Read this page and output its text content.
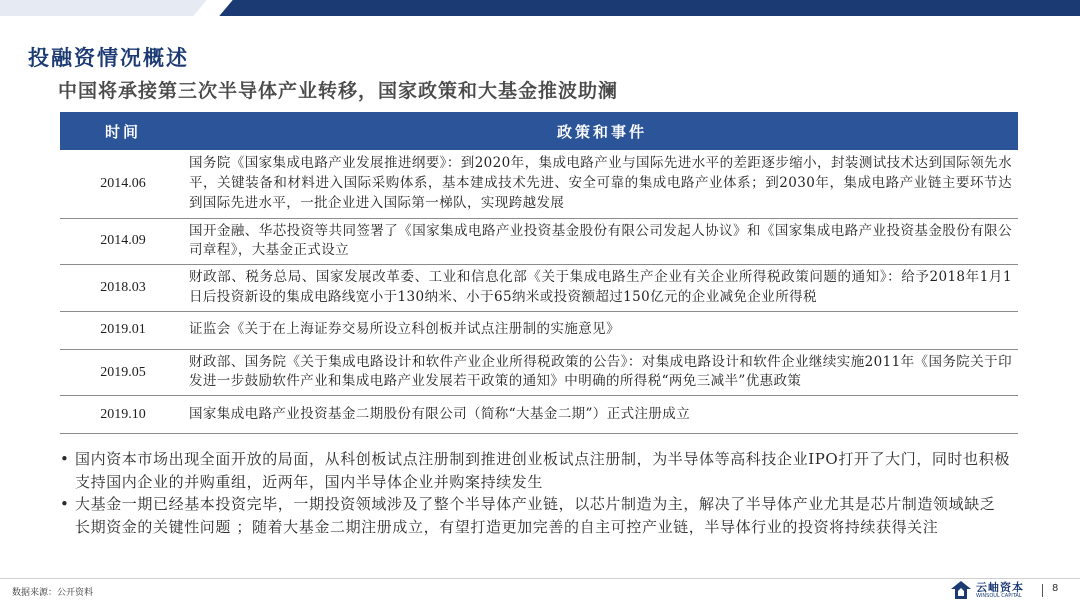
投融资情况概述
中国将承接第三次半导体产业转移，国家政策和大基金推波助澜
时间	政策和事件
2014.06	国务院《国家集成电路产业发展推进纲要》：到2020年，集成电路产业与国际先进水平的差距逐步缩小，封装测试技术达到国际领先水平，关键装备和材料进入国际采购体系，基本建成技术先进、安全可靠的集成电路产业体系；到2030年，集成电路产业链主要环节达到国际先进水平，一批企业进入国际第一梯队，实现跨越发展
2014.09	国开金融、华芯投资等共同签署了《国家集成电路产业投资基金股份有限公司发起人协议》和《国家集成电路产业投资基金股份有限公司章程》，大基金正式设立
2018.03	财政部、税务总局、国家发展改革委、工业和信息化部《关于集成电路生产企业有关企业所得税政策问题的通知》：给予2018年1月1日后投资新设的集成电路线宽小于130纳米、小于65纳米或投资额超过150亿元的企业减免企业所得税
2019.01	证监会《关于在上海证券交易所设立科创板并试点注册制的实施意见》
2019.05	财政部、国务院《关于集成电路设计和软件产业企业所得税政策的公告》：对集成电路设计和软件企业继续实施2011年《国务院关于印发进一步鼓励软件产业和集成电路产业发展若干政策的通知》中明确的所得税“两免三减半”优惠政策
2019.10	国家集成电路产业投资基金二期股份有限公司（简称“大基金二期”）正式注册成立
• 国内资本市场出现全面开放的局面，从科创板试点注册制到推进创业板试点注册制，为半导体等高科技企业IPO打开了大门，同时也积极支持国内企业的并购重组，近两年，国内半导体企业并购案持续发生
• 大基金一期已经基本投资完毕，一期投资领域涉及了整个半导体产业链，以芯片制造为主，解决了半导体产业尤其是芯片制造领域缺乏长期资金的关键性问题 ；随着大基金二期注册成立，有望打造更加完善的自主可控产业链，半导体行业的投资将持续获得关注
数据来源：公开资料	云岫资本
WINSOUL CAPITAL
8
